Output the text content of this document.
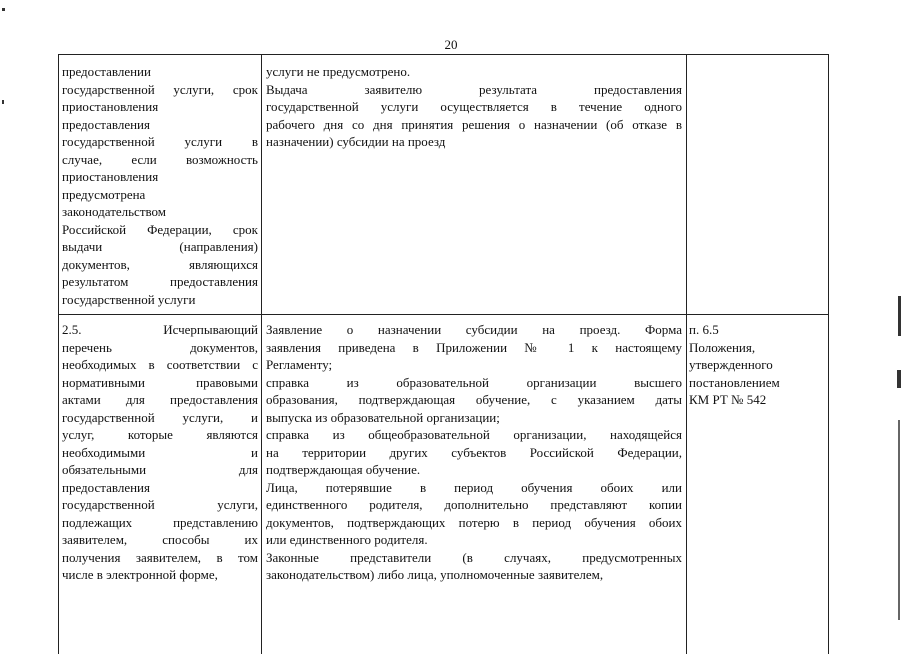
20
предоставлении
государственной услуги, срок
приостановления
предоставления
государственной услуги в
случае, если возможность
приостановления
предусмотрена
законодательством
Российской Федерации, срок
выдачи (направления)
документов, являющихся
результатом предоставления
государственной услуги
услуги не предусмотрено.
Выдача заявителю результата предоставления
государственной услуги осуществляется в течение одного
рабочего дня со дня принятия решения о назначении (об отказе в
назначении) субсидии на проезд
2.5. Исчерпывающий
перечень документов,
необходимых в соответствии с
нормативными правовыми
актами для предоставления
государственной услуги, и
услуг, которые являются
необходимыми и
обязательными для
предоставления
государственной услуги,
подлежащих представлению
заявителем, способы их
получения заявителем, в том
числе в электронной форме,
Заявление о назначении субсидии на проезд. Форма
заявления приведена в Приложении № 1 к настоящему
Регламенту;
справка из образовательной организации высшего
образования, подтверждающая обучение, с указанием даты
выпуска из образовательной организации;
справка из общеобразовательной организации, находящейся
на территории других субъектов Российской Федерации,
подтверждающая обучение.
Лица, потерявшие в период обучения обоих или
единственного родителя, дополнительно представляют копии
документов, подтверждающих потерю в период обучения обоих
или единственного родителя.
Законные представители (в случаях, предусмотренных
законодательством) либо лица, уполномоченные заявителем,
п. 6.5
Положения,
утвержденного
постановлением
КМ РТ № 542
